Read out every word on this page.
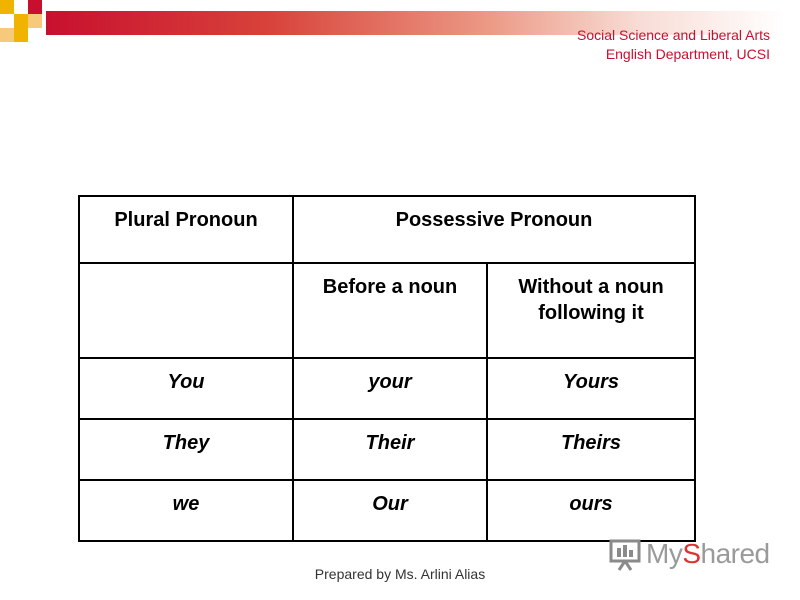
Social Science and Liberal Arts
English Department, UCSI
Plural Pronoun	Possessive Pronoun	
	Before a noun	Without a noun following it
You	your	Yours
They	Their	Theirs
we	Our	ours
MyShared
Prepared by Ms. Arlini Alias
